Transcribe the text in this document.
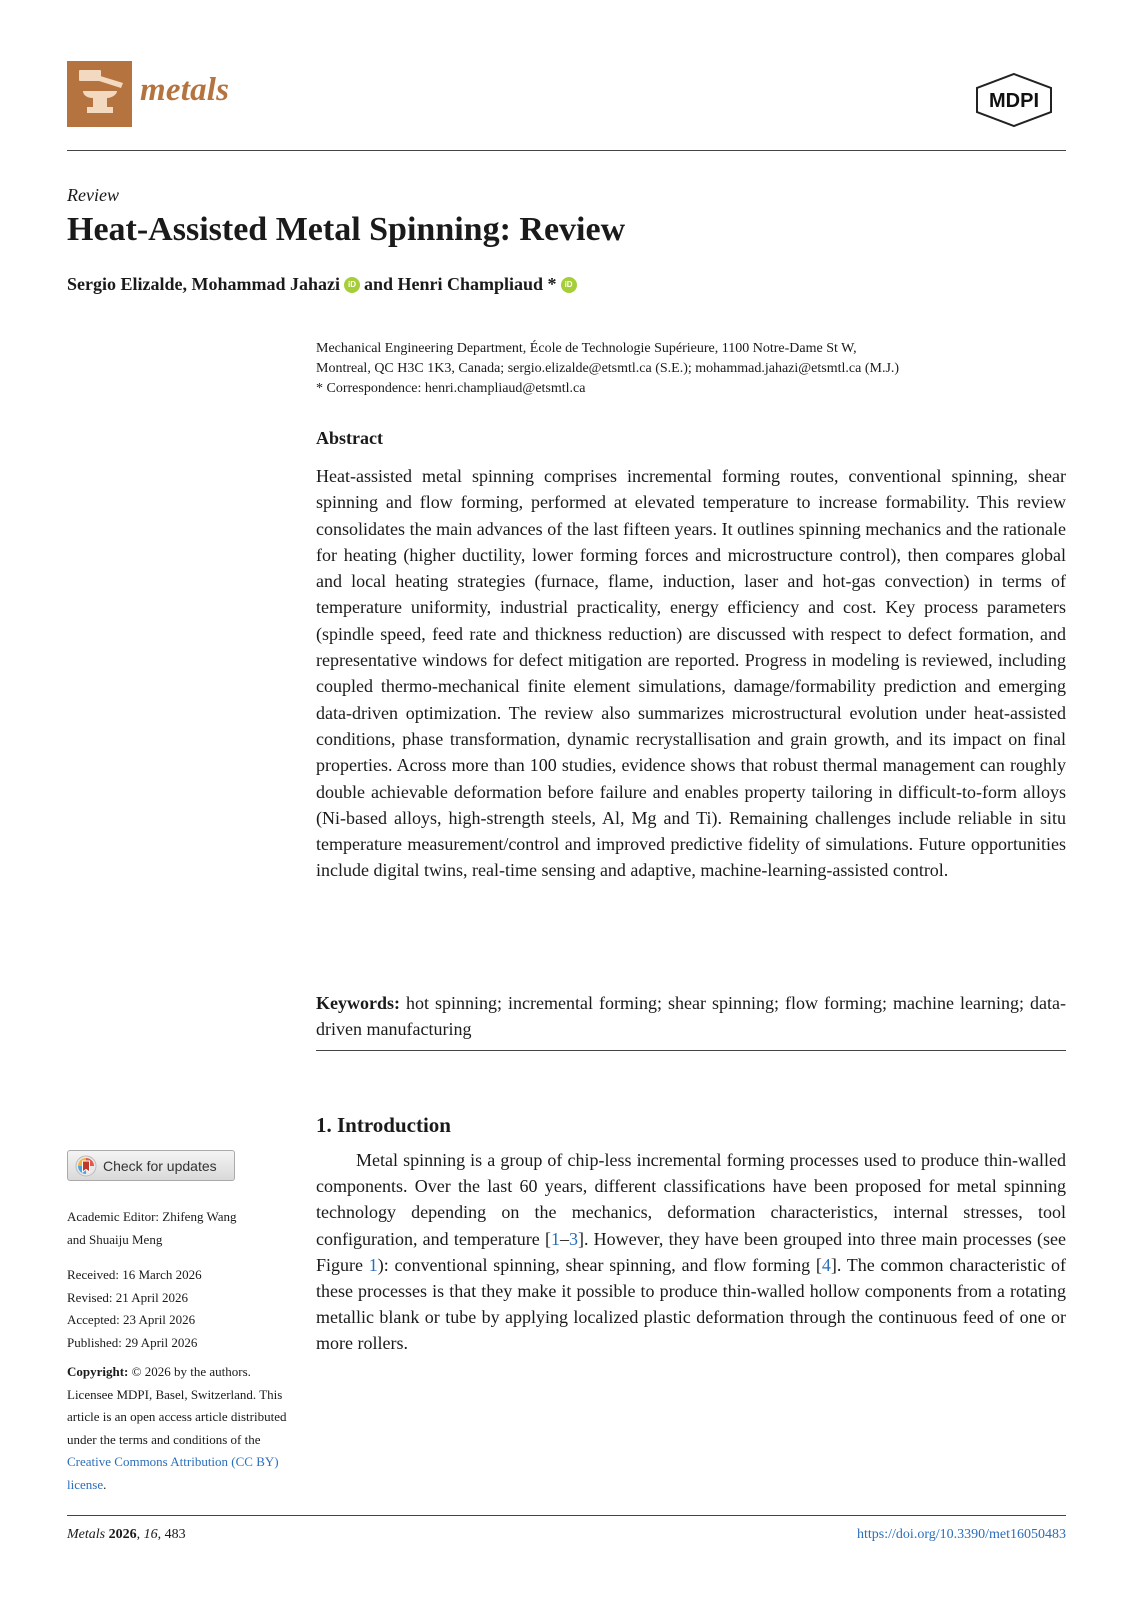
metals	MDPI
Review
Heat-Assisted Metal Spinning: Review
Sergio Elizalde, Mohammad Jahazi	iD and Henri Champliaud *	iD
Mechanical Engineering Department, École de Technologie Supérieure, 1100 Notre-Dame St W,
Montreal, QC H3C 1K3, Canada; sergio.elizalde@etsmtl.ca (S.E.); mohammad.jahazi@etsmtl.ca (M.J.)
* Correspondence: henri.champliaud@etsmtl.ca
Abstract

Heat-assisted metal spinning comprises incremental forming routes, conventional spinning, shear spinning and flow forming, performed at elevated temperature to increase formability. This review consolidates the main advances of the last fifteen years. It outlines spinning mechanics and the rationale for heating (higher ductility, lower forming forces and microstructure control), then compares global and local heating strategies (furnace, flame, induction, laser and hot-gas convection) in terms of temperature uniformity, industrial practicality, energy efficiency and cost. Key process parameters (spindle speed, feed rate and thickness reduction) are discussed with respect to defect formation, and representative windows for defect mitigation are reported. Progress in modeling is reviewed, including coupled thermo-mechanical finite element simulations, damage/formability prediction and emerging data-driven optimization. The review also summarizes microstructural evolution under heat-assisted conditions, phase transformation, dynamic recrystallisation and grain growth, and its impact on final properties. Across more than 100 studies, evidence shows that robust thermal management can roughly double achievable deformation before failure and enables property tailoring in difficult-to-form alloys (Ni-based alloys, high-strength steels, Al, Mg and Ti). Remaining challenges include reliable in situ temperature measurement/control and improved predictive fidelity of simulations. Future opportunities include digital twins, real-time sensing and adaptive, machine-learning-assisted control.

Keywords: hot spinning; incremental forming; shear spinning; flow forming; machine learning; data-driven manufacturing

1. Introduction

Metal spinning is a group of chip-less incremental forming processes used to produce thin-walled components. Over the last 60 years, different classifications have been proposed for metal spinning technology depending on the mechanics, deformation characteristics, internal stresses, tool configuration, and temperature [1–3]. However, they have been grouped into three main processes (see Figure 1): conventional spinning, shear spinning, and flow forming [4]. The common characteristic of these processes is that they make it possible to produce thin-walled hollow components from a rotating metallic blank or tube by applying localized plastic deformation through the continuous feed of one or more rollers.

Check for updates
Academic Editor: Zhifeng Wang
and Shuaiju Meng
Received: 16 March 2026
Revised: 21 April 2026
Accepted: 23 April 2026
Published: 29 April 2026
Copyright: © 2026 by the authors. Licensee MDPI, Basel, Switzerland. This article is an open access article distributed under the terms and conditions of the Creative Commons Attribution (CC BY) license.
Metals 2026, 16, 483	https://doi.org/10.3390/met16050483
